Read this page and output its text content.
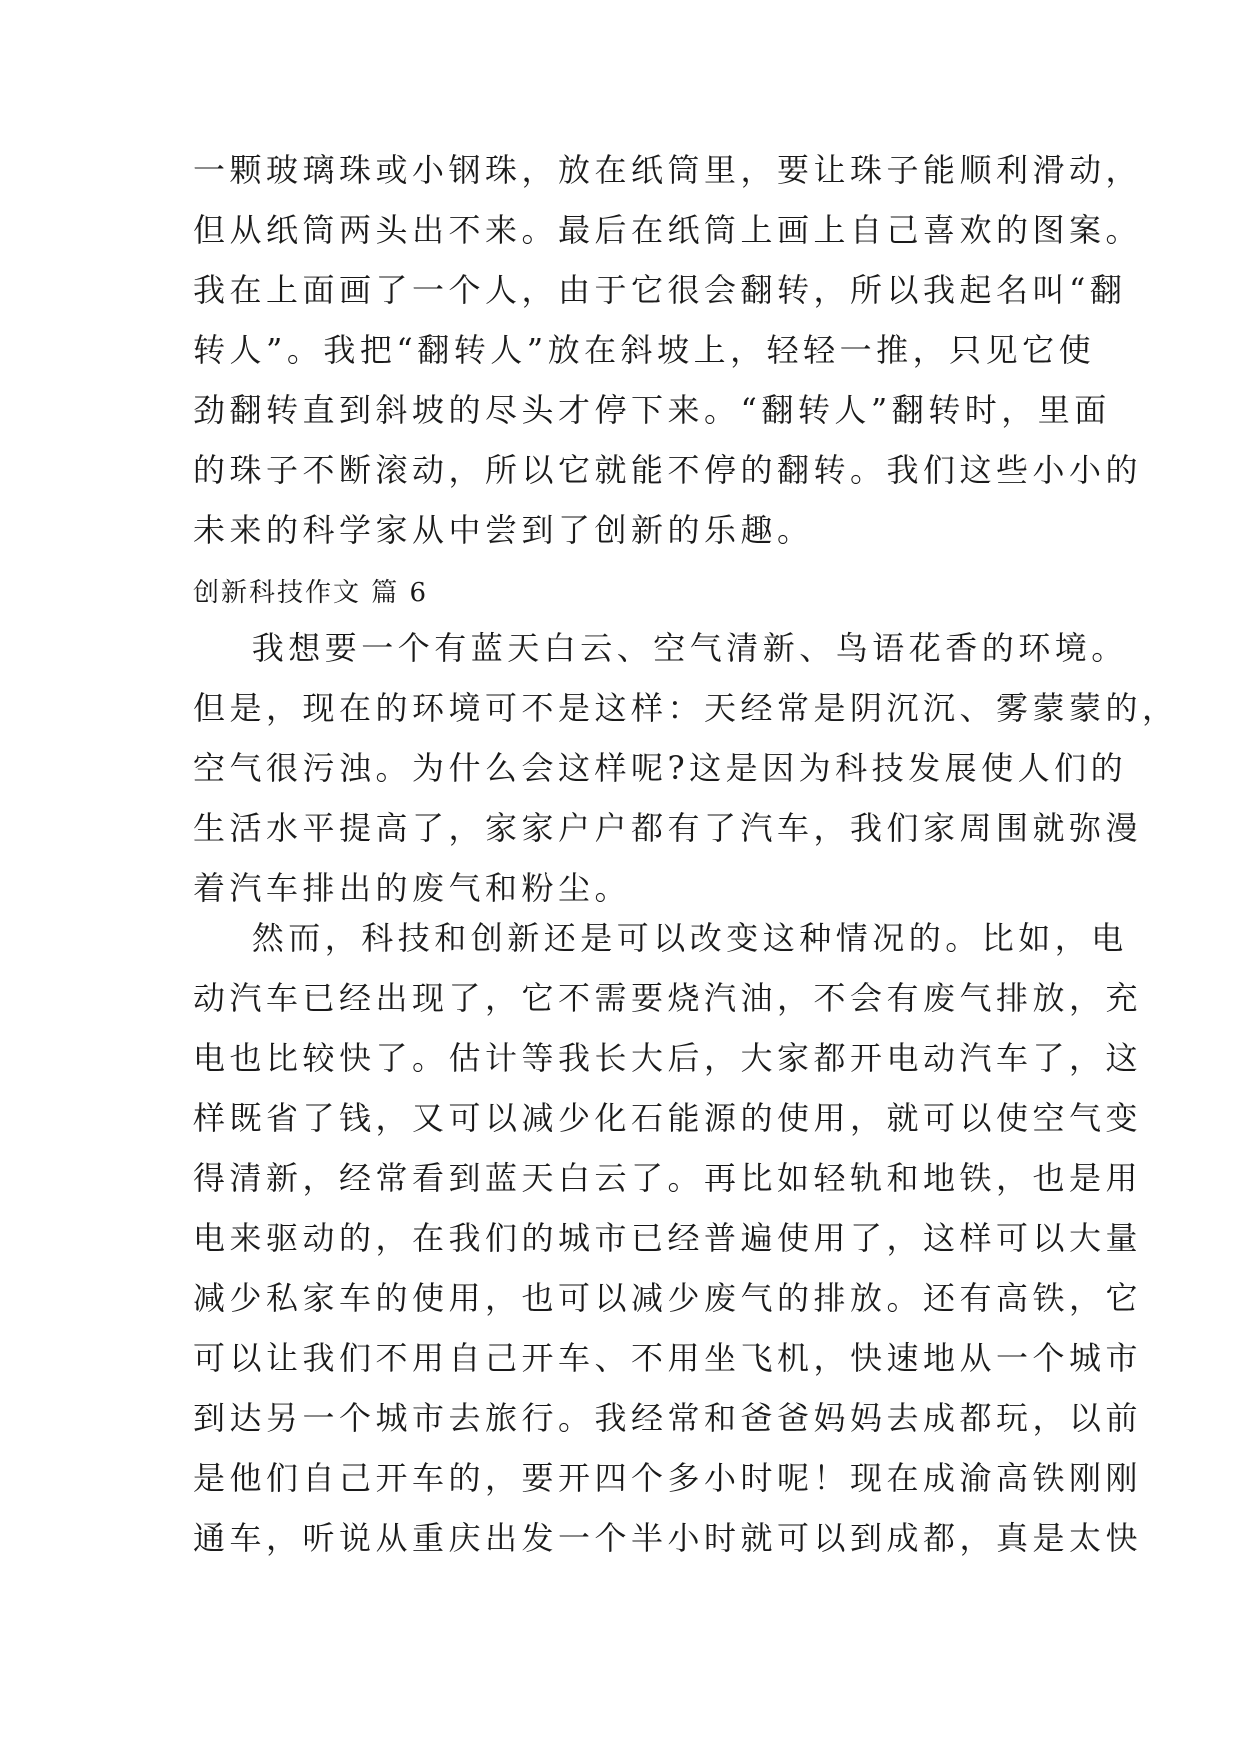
一颗玻璃珠或小钢珠，放在纸筒里，要让珠子能顺利滑动，
但从纸筒两头出不来。最后在纸筒上画上自己喜欢的图案。
我在上面画了一个人，由于它很会翻转，所以我起名叫“翻
转人”。我把“翻转人”放在斜坡上，轻轻一推，只见它使
劲翻转直到斜坡的尽头才停下来。“翻转人”翻转时，里面
的珠子不断滚动，所以它就能不停的翻转。我们这些小小的
未来的科学家从中尝到了创新的乐趣。
创新科技作文 篇 6
我想要一个有蓝天白云、空气清新、鸟语花香的环境。
但是，现在的环境可不是这样：天经常是阴沉沉、雾蒙蒙的，
空气很污浊。为什么会这样呢?这是因为科技发展使人们的
生活水平提高了，家家户户都有了汽车，我们家周围就弥漫
着汽车排出的废气和粉尘。
然而，科技和创新还是可以改变这种情况的。比如，电
动汽车已经出现了，它不需要烧汽油，不会有废气排放，充
电也比较快了。估计等我长大后，大家都开电动汽车了，这
样既省了钱，又可以减少化石能源的使用，就可以使空气变
得清新，经常看到蓝天白云了。再比如轻轨和地铁，也是用
电来驱动的，在我们的城市已经普遍使用了，这样可以大量
减少私家车的使用，也可以减少废气的排放。还有高铁，它
可以让我们不用自己开车、不用坐飞机，快速地从一个城市
到达另一个城市去旅行。我经常和爸爸妈妈去成都玩，以前
是他们自己开车的，要开四个多小时呢！现在成渝高铁刚刚
通车，听说从重庆出发一个半小时就可以到成都，真是太快
